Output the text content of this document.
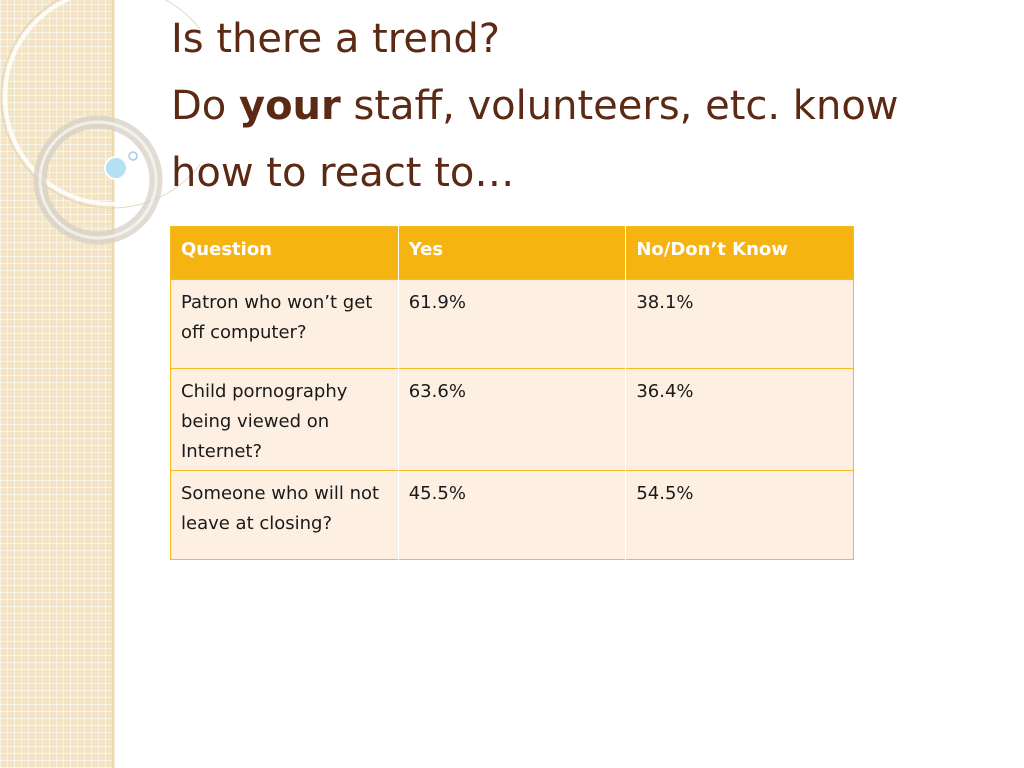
Is there a trend?
Do your staff, volunteers, etc. know
how to react to…
Question	Yes	No/Don’t Know
Patron who won’t get off computer?	61.9%	38.1%
Child pornography being viewed on Internet?	63.6%	36.4%
Someone who will not leave at closing?	45.5%	54.5%
